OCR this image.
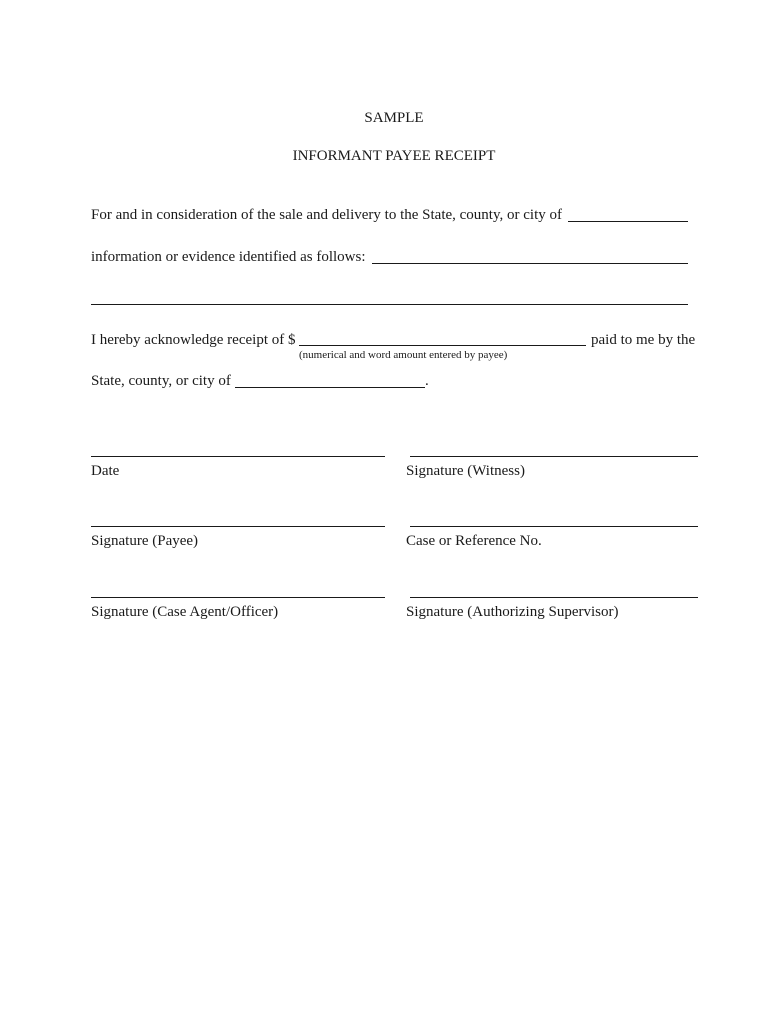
SAMPLE
INFORMANT PAYEE RECEIPT
For and in consideration of the sale and delivery to the State, county, or city of
information or evidence identified as follows:
I hereby acknowledge receipt of $	paid to me by the
(numerical and word amount entered by payee)
State, county, or city of	.
Date	Signature (Witness)
Signature (Payee)	Case or Reference No.
Signature (Case Agent/Officer)	Signature (Authorizing Supervisor)
